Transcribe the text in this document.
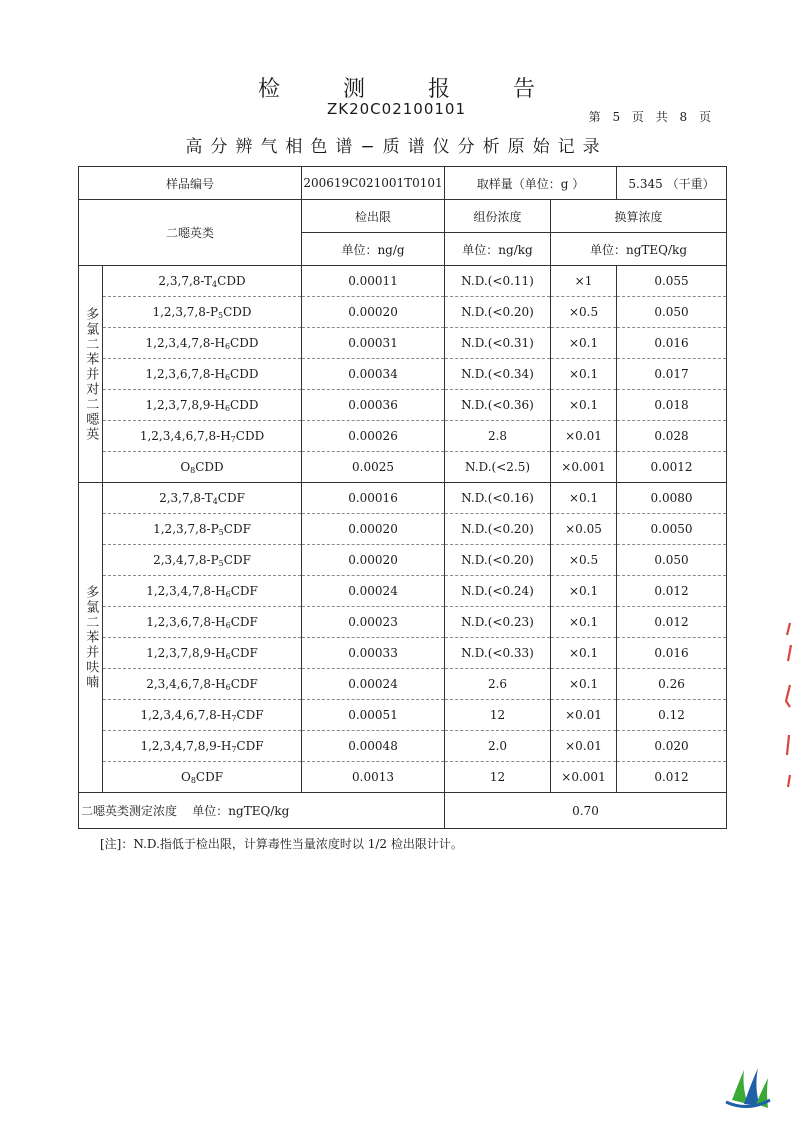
检 测 报 告
ZK20C02100101	第 5 页 共 8 页
高分辨气相色谱−质谱仪分析原始记录
样品编号		200619C021001T0101	取样量（单位：g ）		5.345 （干重）
二噁英类		检出限	组份浓度	换算浓度	
		单位：ng/g	单位：ng/kg	单位：ngTEQ/kg	

多氯二苯并对二噁英	$2,3,7,8-T_4CDD$	0.00011	N.D.(<0.11)	×1	0.055
	$1,2,3,7,8-P_5CDD$	0.00020	N.D.(<0.20)	×0.5	0.050
	$1,2,3,4,7,8-H_6CDD$	0.00031	N.D.(<0.31)	×0.1	0.016
	$1,2,3,6,7,8-H_6CDD$	0.00034	N.D.(<0.34)	×0.1	0.017
	$1,2,3,7,8,9-H_6CDD$	0.00036	N.D.(<0.36)	×0.1	0.018
	$1,2,3,4,6,7,8-H_7CDD$	0.00026	2.8	×0.01	0.028
	$O_8CDD$	0.0025	N.D.(<2.5)	×0.001	0.0012

多氯二苯并呋喃	$2,3,7,8-T_4CDF$	0.00016	N.D.(<0.16)	×0.1	0.0080
	$1,2,3,7,8-P_5CDF$	0.00020	N.D.(<0.20)	×0.05	0.0050
	$2,3,4,7,8-P_5CDF$	0.00020	N.D.(<0.20)	×0.5	0.050
	$1,2,3,4,7,8-H_6CDF$	0.00024	N.D.(<0.24)	×0.1	0.012
	$1,2,3,6,7,8-H_6CDF$	0.00023	N.D.(<0.23)	×0.1	0.012
	$1,2,3,7,8,9-H_6CDF$	0.00033	N.D.(<0.33)	×0.1	0.016
	$2,3,4,6,7,8-H_6CDF$	0.00024	2.6	×0.1	0.26
	$1,2,3,4,6,7,8-H_7CDF$	0.00051	12	×0.01	0.12
	$1,2,3,4,7,8,9-H_7CDF$	0.00048	2.0	×0.01	0.020
	$O_8CDF$	0.0013	12	×0.001	0.012
二噁英类测定浓度 单位：ngTEQ/kg			0.70		
[注]：N.D.指低于检出限，计算毒性当量浓度时以 1/2 检出限计计。
